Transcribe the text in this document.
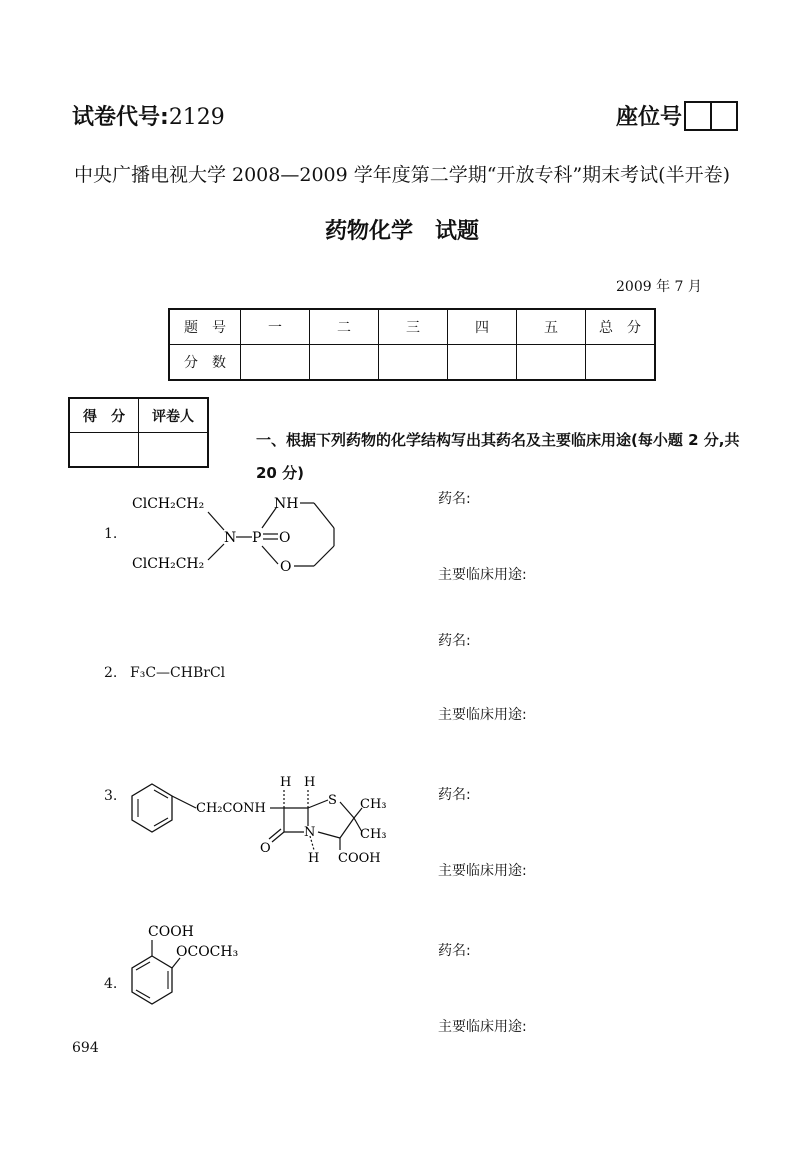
试卷代号:2129	座位号
中央广播电视大学 2008—2009 学年度第二学期“开放专科”期末考试(半开卷)
药物化学　试题
2009 年 7 月
题　号	一	二	三	四	五	总　分
分　数						
得　分	评卷人

一、根据下列药物的化学结构写出其药名及主要临床用途(每小题 2 分,共 20 分)
1.
ClCH₂CH₂
ClCH₂CH₂
N P O
NH
O
药名:
主要临床用途:
2. F₃C—CHBrCl
药名:
主要临床用途:
3.
CH₂CONH
H H
O
N
S CH₃
CH₃
H COOH
药名:
主要临床用途:
4.
COOH
OCOCH₃	药名:
主要临床用途:
694
